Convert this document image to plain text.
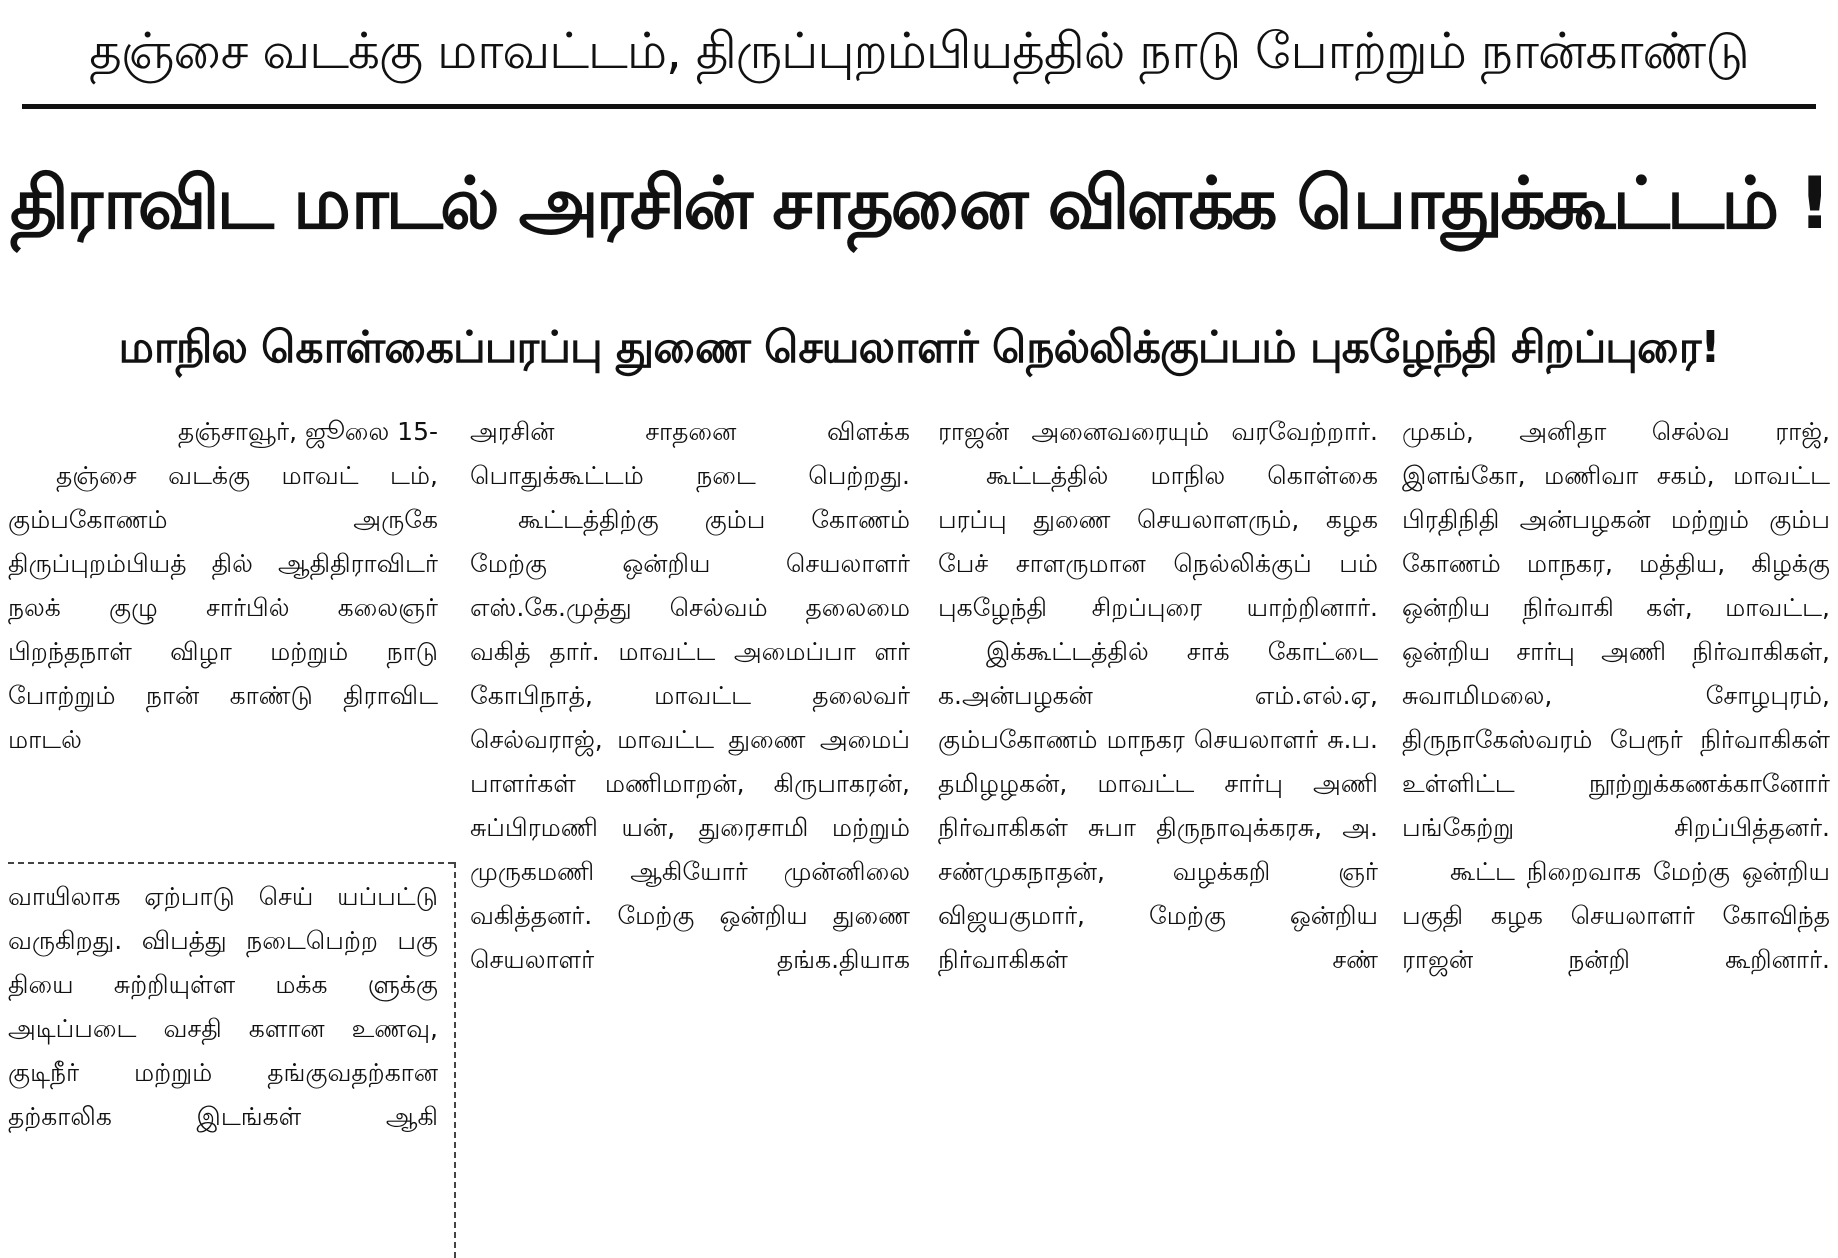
தஞ்சை வடக்கு மாவட்டம், திருப்புறம்பியத்தில் நாடு போற்றும் நான்காண்டு
திராவிட மாடல் அரசின் சாதனை விளக்க பொதுக்கூட்டம் !
மாநில கொள்கைப்பரப்பு துணை செயலாளர் நெல்லிக்குப்பம் புகழேந்தி சிறப்புரை!

தஞ்சாவூர், ஜூலை 15-

தஞ்சை வடக்கு மாவட் டம், கும்பகோணம் அருகே திருப்புறம்பியத் தில் ஆதிதிராவிடர் நலக் குழு சார்பில் கலைஞர் பிறந்தநாள் விழா மற்றும் நாடு போற்றும் நான் காண்டு திராவிட மாடல்

வாயிலாக ஏற்பாடு செய் யப்பட்டு வருகிறது. விபத்து நடைபெற்ற பகு தியை சுற்றியுள்ள மக்க ளுக்கு அடிப்படை வசதி களான உணவு, குடிநீர் மற்றும் தங்குவதற்கான தற்காலிக இடங்கள் ஆகி

அரசின் சாதனை விளக்க பொதுக்கூட்டம் நடை பெற்றது.

கூட்டத்திற்கு கும்ப கோணம் மேற்கு ஒன்றிய செயலாளர் எஸ்.கே.முத்து செல்வம் தலைமை வகித் தார். மாவட்ட அமைப்பா ளர் கோபிநாத், மாவட்ட தலைவர் செல்வராஜ், மாவட்ட துணை அமைப் பாளர்கள் மணிமாறன், கிருபாகரன், சுப்பிரமணி யன், துரைசாமி மற்றும் முருகமணி ஆகியோர் முன்னிலை வகித்தனர். மேற்கு ஒன்றிய துணை செயலாளர் தங்க.தியாக

ராஜன் அனைவரையும் வரவேற்றார்.

கூட்டத்தில் மாநில கொள்கை பரப்பு துணை செயலாளரும், கழக பேச் சாளருமான நெல்லிக்குப் பம் புகழேந்தி சிறப்புரை யாற்றினார்.

இக்கூட்டத்தில் சாக் கோட்டை க.அன்பழகன் எம்.எல்.ஏ, கும்பகோணம் மாநகர செயலாளர் சு.ப. தமிழழகன், மாவட்ட சார்பு அணி நிர்வாகிகள் சுபா திருநாவுக்கரசு, அ. சண்முகநாதன், வழக்கறி ஞர் விஜயகுமார், மேற்கு ஒன்றிய நிர்வாகிகள் சண்

முகம், அனிதா செல்வ ராஜ், இளங்கோ, மணிவா சகம், மாவட்ட பிரதிநிதி அன்பழகன் மற்றும் கும்ப கோணம் மாநகர, மத்திய, கிழக்கு ஒன்றிய நிர்வாகி கள், மாவட்ட, ஒன்றிய சார்பு அணி நிர்வாகிகள், சுவாமிமலை, சோழபுரம், திருநாகேஸ்வரம் பேரூர் நிர்வாகிகள் உள்ளிட்ட நூற்றுக்கணக்கானோர் பங்கேற்று சிறப்பித்தனர்.

கூட்ட நிறைவாக மேற்கு ஒன்றிய பகுதி கழக செயலாளர் கோவிந்த ராஜன் நன்றி கூறினார்.
